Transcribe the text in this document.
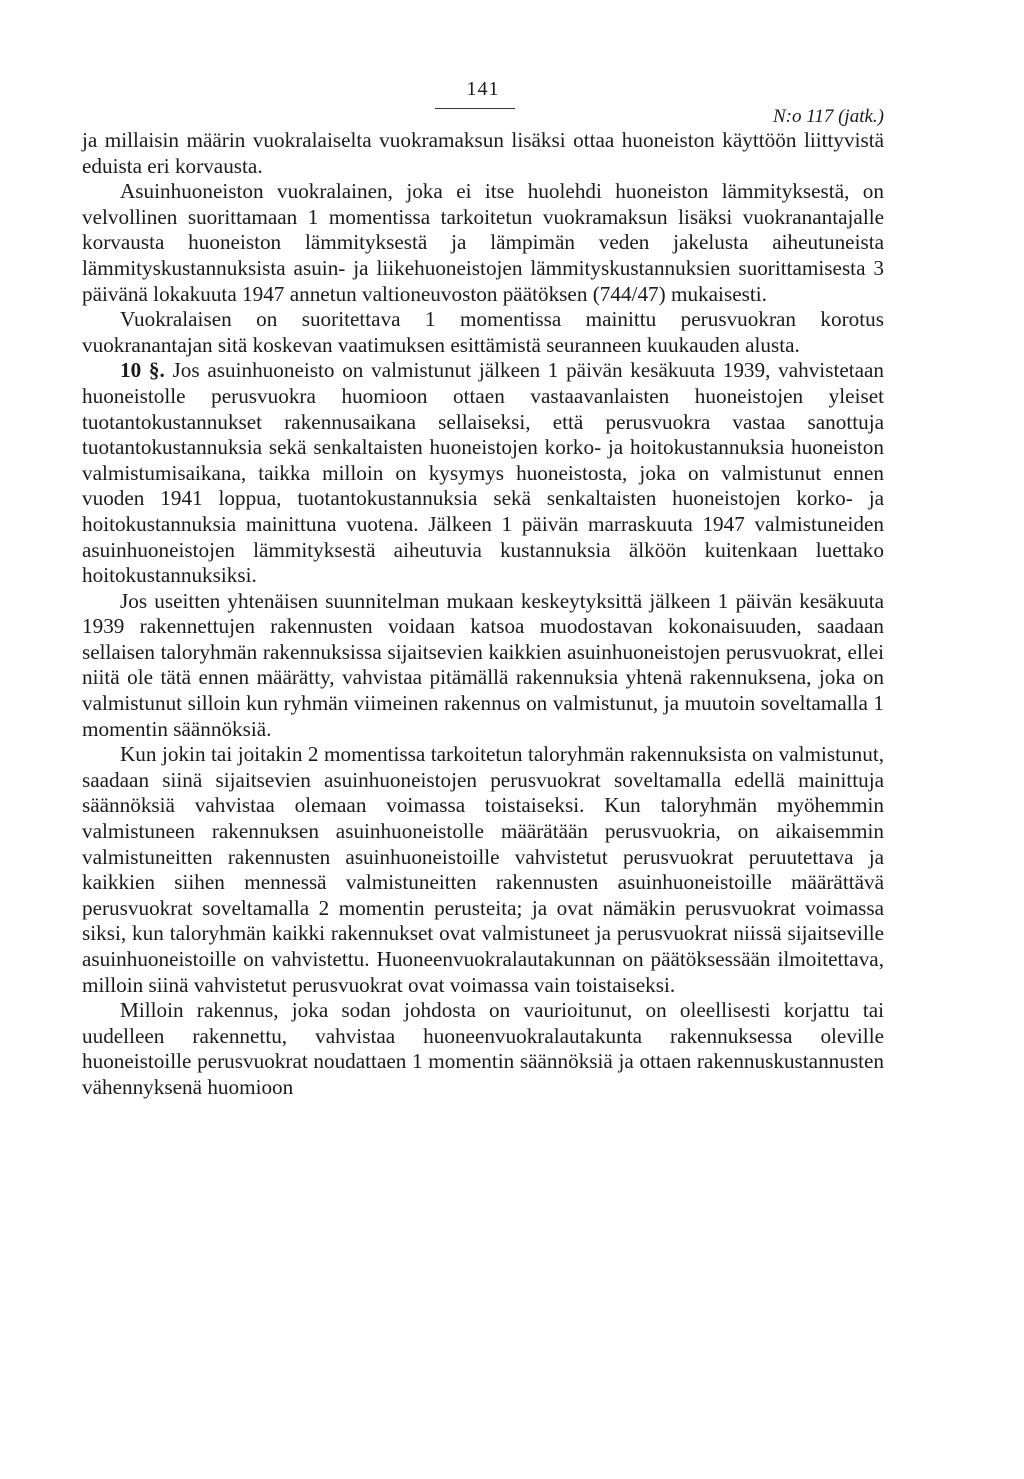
141
N:o 117 (jatk.)

ja millaisin määrin vuokralaiselta vuokramaksun lisäksi ottaa huoneiston käyttöön liittyvistä eduista eri korvausta.

Asuinhuoneiston vuokralainen, joka ei itse huolehdi huoneiston lämmityksestä, on velvollinen suorittamaan 1 momentissa tarkoitetun vuokramaksun lisäksi vuokranantajalle korvausta huoneiston lämmityksestä ja lämpimän veden jakelusta aiheutuneista lämmityskustannuksista asuin- ja liikehuoneistojen lämmityskustannuksien suorittamisesta 3 päivänä lokakuuta 1947 annetun valtioneuvoston päätöksen (744/47) mukaisesti.

Vuokralaisen on suoritettava 1 momentissa mainittu perusvuokran korotus vuokranantajan sitä koskevan vaatimuksen esittämistä seuranneen kuukauden alusta.

10 §. Jos asuinhuoneisto on valmistunut jälkeen 1 päivän kesäkuuta 1939, vahvistetaan huoneistolle perusvuokra huomioon ottaen vastaavanlaisten huoneistojen yleiset tuotantokustannukset rakennusaikana sellaiseksi, että perusvuokra vastaa sanottuja tuotantokustannuksia sekä senkaltaisten huoneistojen korko- ja hoitokustannuksia huoneiston valmistumisaikana, taikka milloin on kysymys huoneistosta, joka on valmistunut ennen vuoden 1941 loppua, tuotantokustannuksia sekä senkaltaisten huoneistojen korko- ja hoitokustannuksia mainittuna vuotena. Jälkeen 1 päivän marraskuuta 1947 valmistuneiden asuinhuoneistojen lämmityksestä aiheutuvia kustannuksia älköön kuitenkaan luettako hoitokustannuksiksi.

Jos useitten yhtenäisen suunnitelman mukaan keskeytyksittä jälkeen 1 päivän kesäkuuta 1939 rakennettujen rakennusten voidaan katsoa muodostavan kokonaisuuden, saadaan sellaisen taloryhmän rakennuksissa sijaitsevien kaikkien asuinhuoneistojen perusvuokrat, ellei niitä ole tätä ennen määrätty, vahvistaa pitämällä rakennuksia yhtenä rakennuksena, joka on valmistunut silloin kun ryhmän viimeinen rakennus on valmistunut, ja muutoin soveltamalla 1 momentin säännöksiä.

Kun jokin tai joitakin 2 momentissa tarkoitetun taloryhmän rakennuksista on valmistunut, saadaan siinä sijaitsevien asuinhuoneistojen perusvuokrat soveltamalla edellä mainittuja säännöksiä vahvistaa olemaan voimassa toistaiseksi. Kun taloryhmän myöhemmin valmistuneen rakennuksen asuinhuoneistolle määrätään perusvuokria, on aikaisemmin valmistuneitten rakennusten asuinhuoneistoille vahvistetut perusvuokrat peruutettava ja kaikkien siihen mennessä valmistuneitten rakennusten asuinhuoneistoille määrättävä perusvuokrat soveltamalla 2 momentin perusteita; ja ovat nämäkin perusvuokrat voimassa siksi, kun taloryhmän kaikki rakennukset ovat valmistuneet ja perusvuokrat niissä sijaitseville asuinhuoneistoille on vahvistettu. Huoneenvuokralautakunnan on päätöksessään ilmoitettava, milloin siinä vahvistetut perusvuokrat ovat voimassa vain toistaiseksi.

Milloin rakennus, joka sodan johdosta on vaurioitunut, on oleellisesti korjattu tai uudelleen rakennettu, vahvistaa huoneenvuokralautakunta rakennuksessa oleville huoneistoille perusvuokrat noudattaen 1 momentin säännöksiä ja ottaen rakennuskustannusten vähennyksenä huomioon
